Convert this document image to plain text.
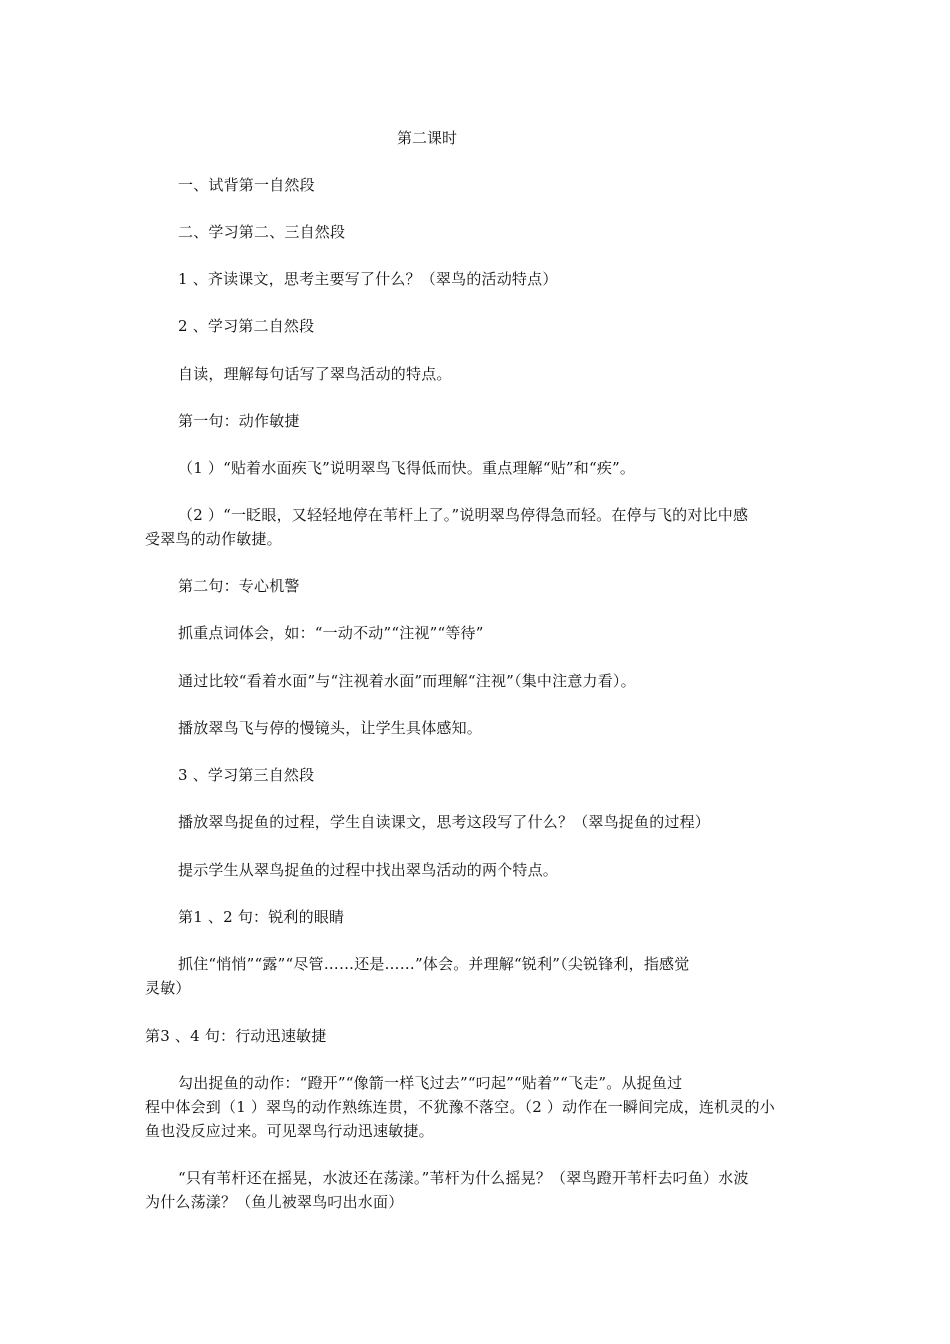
第二课时
一、试背第一自然段
二、学习第二、三自然段
1 、齐读课文，思考主要写了什么？（翠鸟的活动特点）
2 、学习第二自然段
自读，理解每句话写了翠鸟活动的特点。
第一句：动作敏捷
（1 ）“贴着水面疾飞”说明翠鸟飞得低而快。重点理解“贴”和“疾”。
（2 ）“一眨眼，又轻轻地停在苇杆上了。”说明翠鸟停得急而轻。在停与飞的对比中感
受翠鸟的动作敏捷。
第二句：专心机警
抓重点词体会，如：“一动不动”“注视”“等待”
通过比较“看着水面”与“注视着水面”而理解“注视”（集中注意力看）。
播放翠鸟飞与停的慢镜头，让学生具体感知。
3 、学习第三自然段
播放翠鸟捉鱼的过程，学生自读课文，思考这段写了什么？（翠鸟捉鱼的过程）
提示学生从翠鸟捉鱼的过程中找出翠鸟活动的两个特点。
第1 、2 句：锐利的眼睛
抓住“悄悄”“露”“尽管……还是……”体会。并理解“锐利”（尖锐锋利，指感觉
灵敏）
第3 、4 句：行动迅速敏捷
勾出捉鱼的动作：“蹬开”“像箭一样飞过去”“叼起”“贴着”“飞走”。从捉鱼过
程中体会到（1 ）翠鸟的动作熟练连贯，不犹豫不落空。（2 ）动作在一瞬间完成，连机灵的小
鱼也没反应过来。可见翠鸟行动迅速敏捷。
“只有苇杆还在摇晃，水波还在荡漾。”苇杆为什么摇晃？（翠鸟蹬开苇杆去叼鱼）水波
为什么荡漾？（鱼儿被翠鸟叼出水面）
